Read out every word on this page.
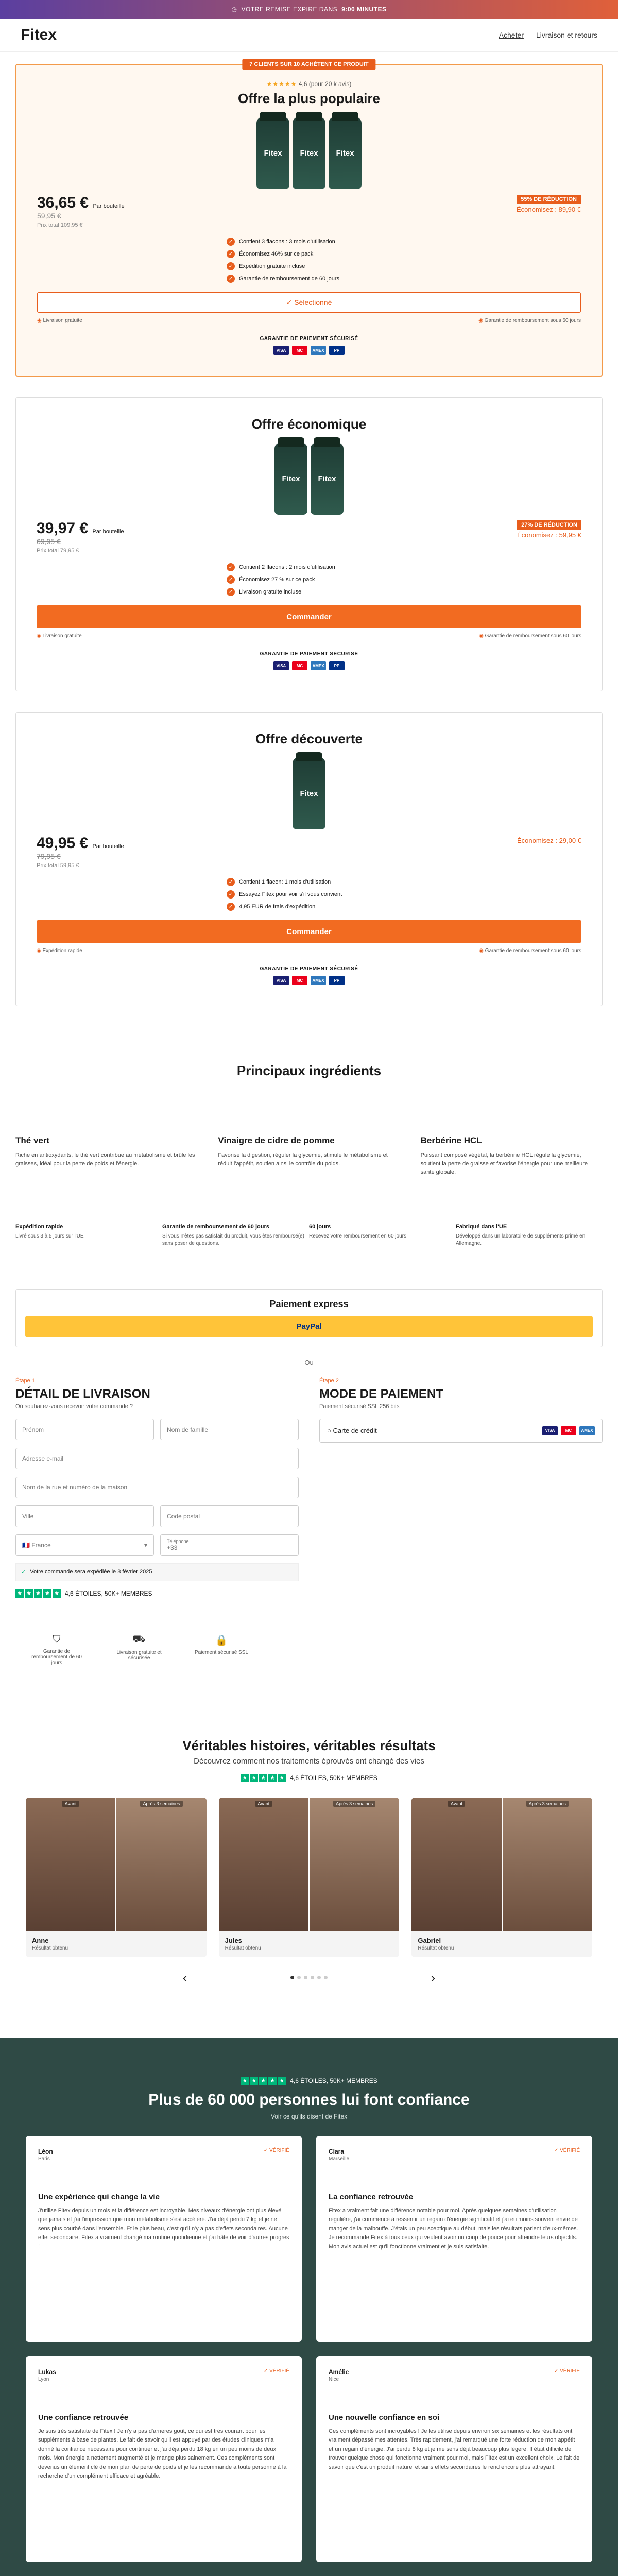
◷ VOTRE REMISE EXPIRE DANS 9:00 MINUTES
Fitex	Acheter Livraison et retours
7 CLIENTS SUR 10 ACHÈTENT CE PRODUIT
★★★★★ 4,6 (pour 20 k avis)
Offre la plus populaire
Fitex	Fitex	Fitex
36,65 € Par bouteille
59,95 €
Prix total 109,95 €
55% DE RÉDUCTION
Économisez : 89,90 €
✓	Contient 3 flacons : 3 mois d'utilisation
✓	Économisez 46% sur ce pack
✓	Expédition gratuite incluse
✓	Garantie de remboursement de 60 jours
✓ Sélectionné
◉ Livraison gratuite	◉ Garantie de remboursement sous 60 jours
GARANTIE DE PAIEMENT SÉCURISÉ
VISA	MC	AMEX	PP
Offre économique
Fitex	Fitex
39,97 € Par bouteille
69,95 €
Prix total 79,95 €
27% DE RÉDUCTION
Économisez : 59,95 €
✓	Contient 2 flacons : 2 mois d'utilisation
✓	Économisez 27 % sur ce pack
✓	Livraison gratuite incluse
Commander
◉ Livraison gratuite	◉ Garantie de remboursement sous 60 jours
GARANTIE DE PAIEMENT SÉCURISÉ
VISA	MC	AMEX	PP
Offre découverte
Fitex
49,95 € Par bouteille
79,95 €
Prix total 59,95 €
Économisez : 29,00 €
✓	Contient 1 flacon: 1 mois d'utilisation
✓	Essayez Fitex pour voir s'il vous convient
✓	4,95 EUR de frais d'expédition
Commander
◉ Expédition rapide	◉ Garantie de remboursement sous 60 jours
GARANTIE DE PAIEMENT SÉCURISÉ
VISA	MC	AMEX	PP
Principaux ingrédients
Thé vert

Riche en antioxydants, le thé vert contribue au métabolisme et brûle les graisses, idéal pour la perte de poids et l'énergie.

Vinaigre de cidre de pomme

Favorise la digestion, réguler la glycémie, stimule le métabolisme et réduit l'appétit, soutien ainsi le contrôle du poids.

Berbérine HCL

Puissant composé végétal, la berbérine HCL régule la glycémie, soutient la perte de graisse et favorise l'énergie pour une meilleure santé globale.

Expédition rapide

Livré sous 3 à 5 jours sur l'UE

Garantie de remboursement de 60 jours

Si vous n'êtes pas satisfait du produit, vous êtes remboursé(e) sans poser de questions.

60 jours

Recevez votre remboursement en 60 jours

Fabriqué dans l'UE

Développé dans un laboratoire de suppléments primé en Allemagne.

Paiement express
PayPal
Ou
Étape 1
DÉTAIL DE LIVRAISON
Où souhaitez-vous recevoir votre commande ?
Prénom	Nom de famille
Adresse e-mail
Nom de la rue et numéro de la maison
Ville	Code postal
🇫🇷 France	▾	Téléphone
+33
✓ Votre commande sera expédiée le 8 février 2025
★ ★ ★ ★ ★ 4,6 ÉTOILES, 50K+ MEMBRES
Étape 2
MODE DE PAIEMENT
Paiement sécurisé SSL 256 bits
○ Carte de crédit	VISA	MC	AMEX
⛉
Garantie de remboursement de 60 jours
⛟
Livraison gratuite et sécurisée
🔒
Paiement sécurisé SSL
Véritables histoires, véritables résultats
Découvrez comment nos traitements éprouvés ont changé des vies
★ ★ ★ ★ ★ 4,6 ÉTOILES, 50K+ MEMBRES
Avant	Après 3 semaines
Anne
Résultat obtenu
Avant	Après 3 semaines
Jules
Résultat obtenu
Avant	Après 3 semaines
Gabriel
Résultat obtenu
‹	›
★ ★ ★ ★ ★ 4,6 ÉTOILES, 50K+ MEMBRES
Plus de 60 000 personnes lui font confiance
Voir ce qu'ils disent de Fitex
Léon
Paris
✓ VÉRIFIÉ
Une expérience qui change la vie
J'utilise Fitex depuis un mois et la différence est incroyable. Mes niveaux d'énergie ont plus élevé que jamais et j'ai l'impression que mon métabolisme s'est accéléré. J'ai déjà perdu 7 kg et je ne sens plus courbé dans l'ensemble. Et le plus beau, c'est qu'il n'y a pas d'effets secondaires. Aucune effet secondaire. Fitex a vraiment changé ma routine quotidienne et j'ai hâte de voir d'autres progrès !
Clara
Marseille
✓ VÉRIFIÉ
La confiance retrouvée
Fitex a vraiment fait une différence notable pour moi. Après quelques semaines d'utilisation régulière, j'ai commencé à ressentir un regain d'énergie significatif et j'ai eu moins souvent envie de manger de la malbouffe. J'étais un peu sceptique au début, mais les résultats parlent d'eux-mêmes. Je recommande Fitex à tous ceux qui veulent avoir un coup de pouce pour atteindre leurs objectifs. Mon avis actuel est qu'il fonctionne vraiment et je suis satisfaite.
Lukas
Lyon
✓ VÉRIFIÉ
Une confiance retrouvée
Je suis très satisfaite de Fitex ! Je n'y a pas d'arrières goût, ce qui est très courant pour les suppléments à base de plantes. Le fait de savoir qu'il est appuyé par des études cliniques m'a donné la confiance nécessaire pour continuer et j'ai déjà perdu 18 kg en un peu moins de deux mois. Mon énergie a nettement augmenté et je mange plus sainement. Ces compléments sont devenus un élément clé de mon plan de perte de poids et je les recommande à toute personne à la recherche d'un complément efficace et agréable.
Amélie
Nice
✓ VÉRIFIÉ
Une nouvelle confiance en soi
Ces compléments sont incroyables ! Je les utilise depuis environ six semaines et les résultats ont vraiment dépassé mes attentes. Très rapidement, j'ai remarqué une forte réduction de mon appétit et un regain d'énergie. J'ai perdu 8 kg et je me sens déjà beaucoup plus légère. Il était difficile de trouver quelque chose qui fonctionne vraiment pour moi, mais Fitex est un excellent choix. Le fait de savoir que c'est un produit naturel et sans effets secondaires le rend encore plus attrayant.
